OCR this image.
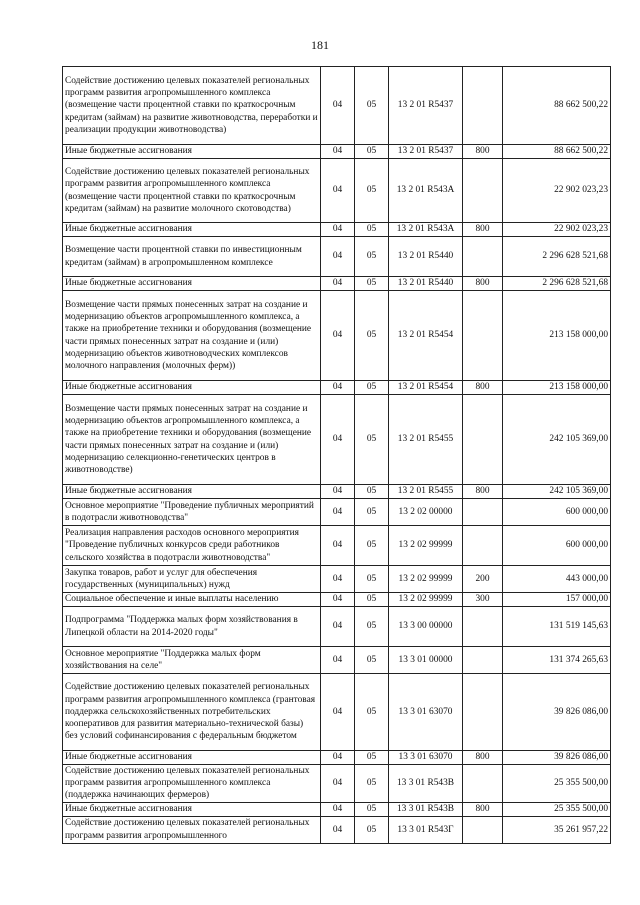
181
Содействие достижению целевых показателей региональных программ развития агропромышленного комплекса (возмещение части процентной ставки по краткосрочным кредитам (займам) на развитие животноводства, переработки и реализации продукции животноводства)	04	05	13 2 01 R5437		88 662 500,22
Иные бюджетные ассигнования	04	05	13 2 01 R5437	800	88 662 500,22
Содействие достижению целевых показателей региональных программ развития агропромышленного комплекса (возмещение части процентной ставки по краткосрочным кредитам (займам) на развитие молочного скотоводства)	04	05	13 2 01 R543A		22 902 023,23
Иные бюджетные ассигнования	04	05	13 2 01 R543A	800	22 902 023,23
Возмещение части процентной ставки по инвестиционным кредитам (займам) в агропромышленном комплексе	04	05	13 2 01 R5440		2 296 628 521,68
Иные бюджетные ассигнования	04	05	13 2 01 R5440	800	2 296 628 521,68
Возмещение части прямых понесенных затрат на создание и модернизацию объектов агропромышленного комплекса, а также на приобретение техники и оборудования (возмещение части прямых понесенных затрат на создание и (или) модернизацию объектов животноводческих комплексов молочного направления (молочных ферм))	04	05	13 2 01 R5454		213 158 000,00
Иные бюджетные ассигнования	04	05	13 2 01 R5454	800	213 158 000,00
Возмещение части прямых понесенных затрат на создание и модернизацию объектов агропромышленного комплекса, а также на приобретение техники и оборудования (возмещение части прямых понесенных затрат на создание и (или) модернизацию селекционно-генетических центров в животноводстве)	04	05	13 2 01 R5455		242 105 369,00
Иные бюджетные ассигнования	04	05	13 2 01 R5455	800	242 105 369,00
Основное мероприятие "Проведение публичных мероприятий в подотрасли животноводства"	04	05	13 2 02 00000		600 000,00
Реализация направления расходов основного мероприятия "Проведение публичных конкурсов среди работников сельского хозяйства в подотрасли животноводства"	04	05	13 2 02 99999		600 000,00
Закупка товаров, работ и услуг для обеспечения государственных (муниципальных) нужд	04	05	13 2 02 99999	200	443 000,00
Социальное обеспечение и иные выплаты населению	04	05	13 2 02 99999	300	157 000,00
Подпрограмма "Поддержка малых форм хозяйствования в Липецкой области на 2014-2020 годы"	04	05	13 3 00 00000		131 519 145,63
Основное мероприятие "Поддержка малых форм хозяйствования на селе"	04	05	13 3 01 00000		131 374 265,63
Содействие достижению целевых показателей региональных программ развития агропромышленного комплекса (грантовая поддержка сельскохозяйственных потребительских кооперативов для развития материально-технической базы) без условий софинансирования с федеральным бюджетом	04	05	13 3 01 63070		39 826 086,00
Иные бюджетные ассигнования	04	05	13 3 01 63070	800	39 826 086,00
Содействие достижению целевых показателей региональных программ развития агропромышленного комплекса (поддержка начинающих фермеров)	04	05	13 3 01 R543B		25 355 500,00
Иные бюджетные ассигнования	04	05	13 3 01 R543B	800	25 355 500,00
Содействие достижению целевых показателей региональных программ развития агропромышленного	04	05	13 3 01 R543Г		35 261 957,22
